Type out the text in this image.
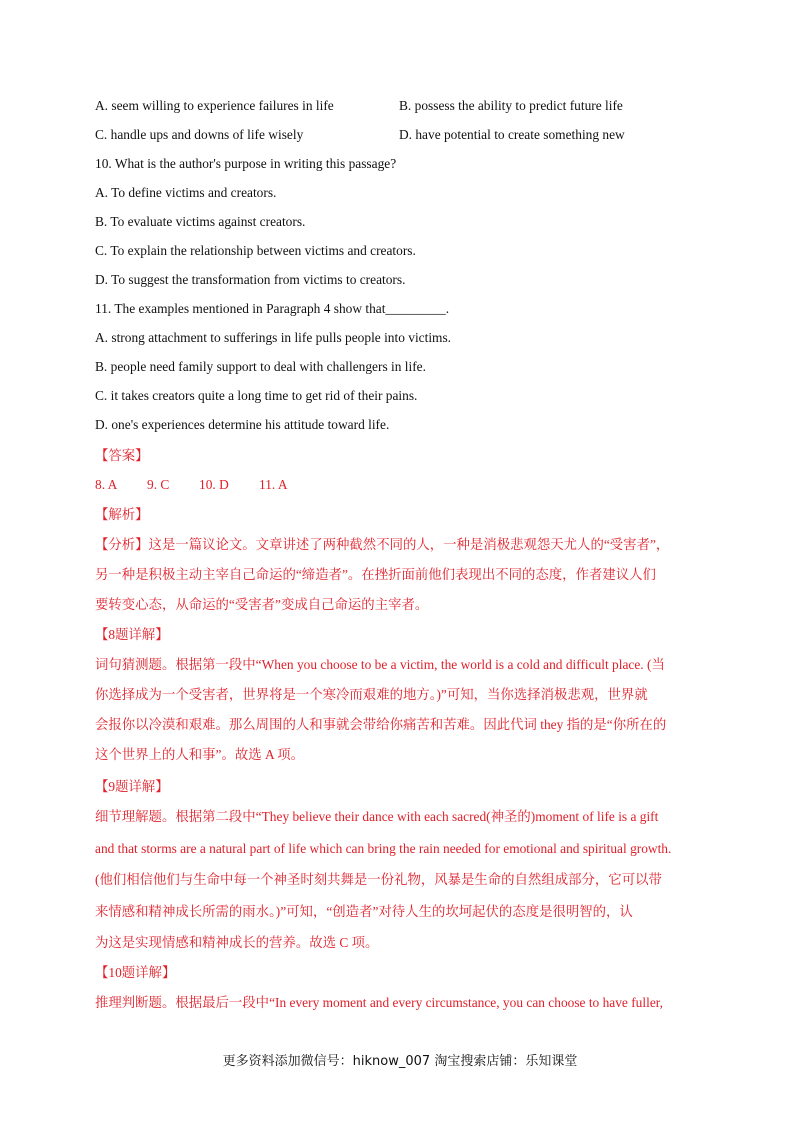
A. seem willing to experience failures in life	B. possess the ability to predict future life
C. handle ups and downs of life wisely	D. have potential to create something new
10. What is the author's purpose in writing this passage?
A. To define victims and creators.
B. To evaluate victims against creators.
C. To explain the relationship between victims and creators.
D. To suggest the transformation from victims to creators.
11. The examples mentioned in Paragraph 4 show that_________.
A. strong attachment to sufferings in life pulls people into victims.
B. people need family support to deal with challengers in life.
C. it takes creators quite a long time to get rid of their pains.
D. one's experiences determine his attitude toward life.
【答案】
8. A 9. C 10. D 11. A
【解析】
【分析】这是一篇议论文。文章讲述了两种截然不同的人，一种是消极悲观怨天尤人的“受害者”，
另一种是积极主动主宰自己命运的“缔造者”。在挫折面前他们表现出不同的态度，作者建议人们
要转变心态，从命运的“受害者”变成自己命运的主宰者。
【8题详解】
词句猜测题。根据第一段中“When you choose to be a victim, the world is a cold and difficult place. (当
你选择成为一个受害者，世界将是一个寒冷而艰难的地方。)”可知，当你选择消极悲观，世界就
会报你以冷漠和艰难。那么周围的人和事就会带给你痛苦和苦难。因此代词 they 指的是“你所在的
这个世界上的人和事”。故选 A 项。
【9题详解】
细节理解题。根据第二段中“They believe their dance with each sacred(神圣的)moment of life is a gift
and that storms are a natural part of life which can bring the rain needed for emotional and spiritual growth.
(他们相信他们与生命中每一个神圣时刻共舞是一份礼物，风暴是生命的自然组成部分，它可以带
来情感和精神成长所需的雨水。)”可知，“创造者”对待人生的坎坷起伏的态度是很明智的，认
为这是实现情感和精神成长的营养。故选 C 项。
【10题详解】
推理判断题。根据最后一段中“In every moment and every circumstance, you can choose to have fuller,
更多资料添加微信号：hiknow_007 淘宝搜索店铺：乐知课堂
